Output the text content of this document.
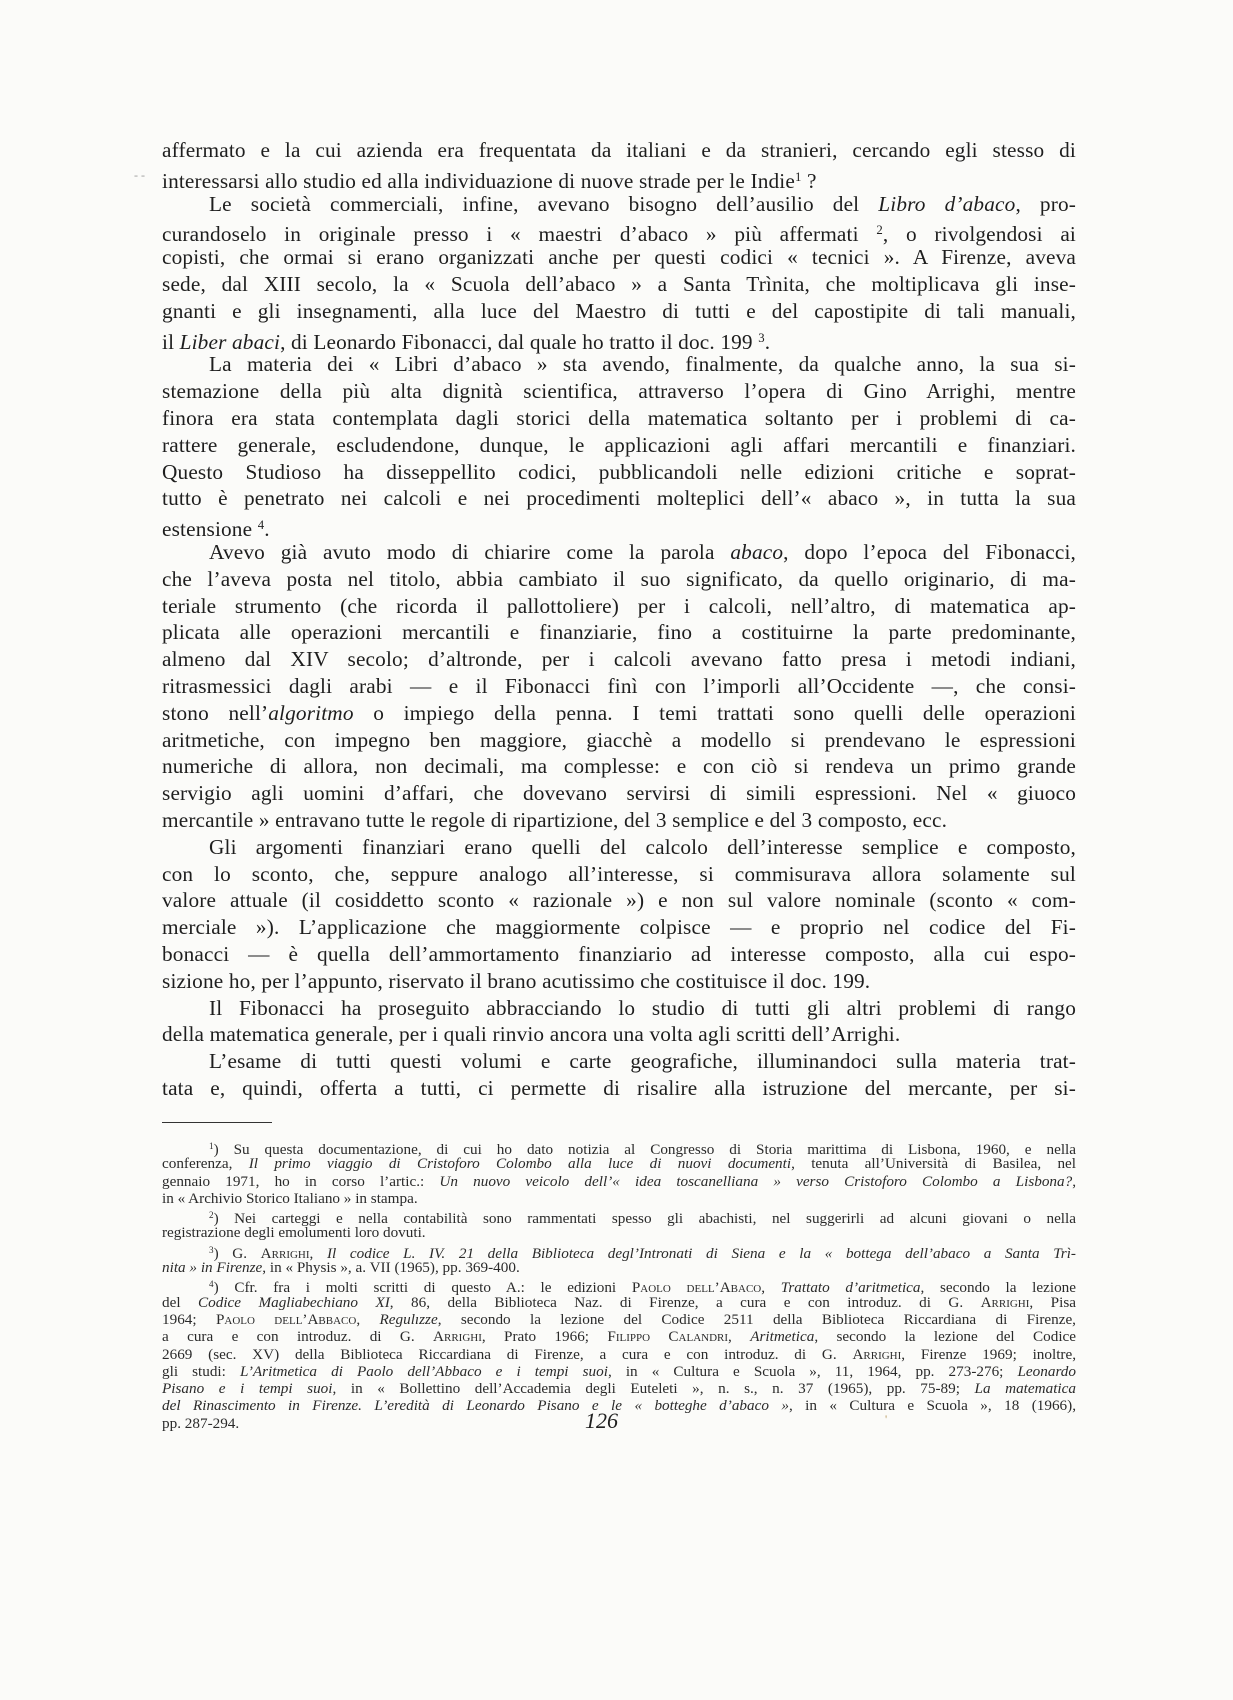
- -
affermato e la cui azienda era frequentata da italiani e da stranieri, cercando egli stesso di
interessarsi allo studio ed alla individuazione di nuove strade per le Indie$^1$ ?
Le società commerciali, infine, avevano bisogno dell’ausilio del Libro d’abaco, pro-
curandoselo in originale presso i « maestri d’abaco » più affermati $^2$, o rivolgendosi ai
copisti, che ormai si erano organizzati anche per questi codici « tecnici ». A Firenze, aveva
sede, dal XIII secolo, la « Scuola dell’abaco » a Santa Trìnita, che moltiplicava gli inse-
gnanti e gli insegnamenti, alla luce del Maestro di tutti e del capostipite di tali manuali,
il Liber abaci, di Leonardo Fibonacci, dal quale ho tratto il doc. 199 $^3$.
La materia dei « Libri d’abaco » sta avendo, finalmente, da qualche anno, la sua si-
stemazione della più alta dignità scientifica, attraverso l’opera di Gino Arrighi, mentre
finora era stata contemplata dagli storici della matematica soltanto per i problemi di ca-
rattere generale, escludendone, dunque, le applicazioni agli affari mercantili e finanziari.
Questo Studioso ha disseppellito codici, pubblicandoli nelle edizioni critiche e soprat-
tutto è penetrato nei calcoli e nei procedimenti molteplici dell’« abaco », in tutta la sua
estensione $^4$.
Avevo già avuto modo di chiarire come la parola abaco, dopo l’epoca del Fibonacci,
che l’aveva posta nel titolo, abbia cambiato il suo significato, da quello originario, di ma-
teriale strumento (che ricorda il pallottoliere) per i calcoli, nell’altro, di matematica ap-
plicata alle operazioni mercantili e finanziarie, fino a costituirne la parte predominante,
almeno dal XIV secolo; d’altronde, per i calcoli avevano fatto presa i metodi indiani,
ritrasmessici dagli arabi — e il Fibonacci finì con l’imporli all’Occidente —, che consi-
stono nell’algoritmo o impiego della penna. I temi trattati sono quelli delle operazioni
aritmetiche, con impegno ben maggiore, giacchè a modello si prendevano le espressioni
numeriche di allora, non decimali, ma complesse: e con ciò si rendeva un primo grande
servigio agli uomini d’affari, che dovevano servirsi di simili espressioni. Nel « giuoco
mercantile » entravano tutte le regole di ripartizione, del 3 semplice e del 3 composto, ecc.
Gli argomenti finanziari erano quelli del calcolo dell’interesse semplice e composto,
con lo sconto, che, seppure analogo all’interesse, si commisurava allora solamente sul
valore attuale (il cosiddetto sconto « razionale ») e non sul valore nominale (sconto « com-
merciale »). L’applicazione che maggiormente colpisce — e proprio nel codice del Fi-
bonacci — è quella dell’ammortamento finanziario ad interesse composto, alla cui espo-
sizione ho, per l’appunto, riservato il brano acutissimo che costituisce il doc. 199.
Il Fibonacci ha proseguito abbracciando lo studio di tutti gli altri problemi di rango
della matematica generale, per i quali rinvio ancora una volta agli scritti dell’Arrighi.
L’esame di tutti questi volumi e carte geografiche, illuminandoci sulla materia trat-
tata e, quindi, offerta a tutti, ci permette di risalire alla istruzione del mercante, per si-
$^1$) Su questa documentazione, di cui ho dato notizia al Congresso di Storia marittima di Lisbona, 1960, e nella
conferenza, Il primo viaggio di Cristoforo Colombo alla luce di nuovi documenti, tenuta all’Università di Basilea, nel
gennaio 1971, ho in corso l’artic.: Un nuovo veicolo dell’« idea toscanelliana » verso Cristoforo Colombo a Lisbona?,
in « Archivio Storico Italiano » in stampa.
$^2$) Nei carteggi e nella contabilità sono rammentati spesso gli abachisti, nel suggerirli ad alcuni giovani o nella
registrazione degli emolumenti loro dovuti.
$^3$) G. Arrighi, Il codice L. IV. 21 della Biblioteca degl’Intronati di Siena e la « bottega dell’abaco a Santa Trì-
nita » in Firenze, in « Physis », a. VII (1965), pp. 369-400.
$^4$) Cfr. fra i molti scritti di questo A.: le edizioni Paolo dell’Abaco, Trattato d’aritmetica, secondo la lezione
del Codice Magliabechiano XI, 86, della Biblioteca Naz. di Firenze, a cura e con introduz. di G. Arrighi, Pisa
1964; Paolo dell’Abbaco, Regulızze, secondo la lezione del Codice 2511 della Biblioteca Riccardiana di Firenze,
a cura e con introduz. di G. Arrighi, Prato 1966; Filippo Calandri, Aritmetica, secondo la lezione del Codice
2669 (sec. XV) della Biblioteca Riccardiana di Firenze, a cura e con introduz. di G. Arrighi, Firenze 1969; inoltre,
gli studi: L’Aritmetica di Paolo dell’Abbaco e i tempi suoi, in « Cultura e Scuola », 11, 1964, pp. 273-276; Leonardo
Pisano e i tempi suoi, in « Bollettino dell’Accademia degli Euteleti », n. s., n. 37 (1965), pp. 75-89; La matematica
del Rinascimento in Firenze. L’eredità di Leonardo Pisano e le « botteghe d’abaco », in « Cultura e Scuola », 18 (1966),
pp. 287-294.	126	'
